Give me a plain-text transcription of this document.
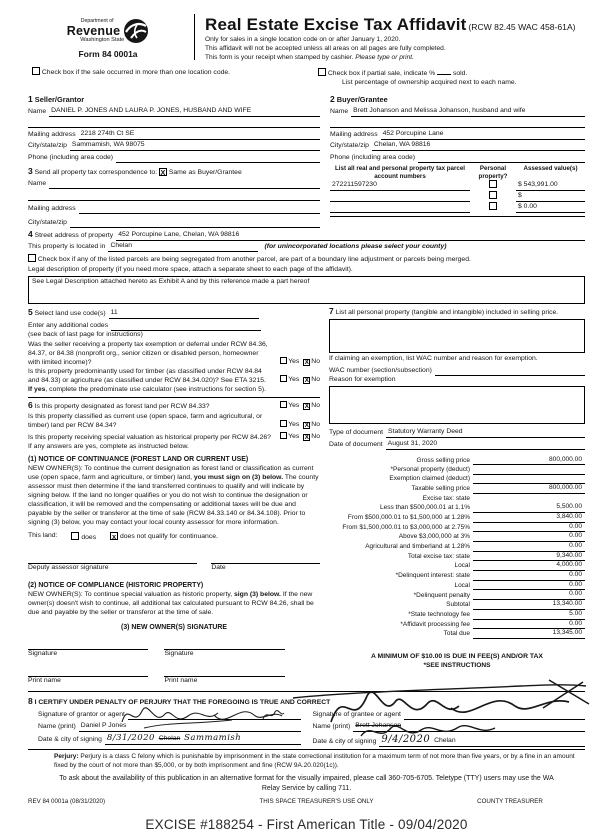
Department of
Revenue
Washington State
Form 84 0001a
Real Estate Excise Tax Affidavit (RCW 82.45 WAC 458-61A)
Only for sales in a single location code on or after January 1, 2020.
This affidavit will not be accepted unless all areas on all pages are fully completed.
This form is your receipt when stamped by cashier. Please type or print.
Check box if the sale occurred in more than one location code.	Check box if partial sale, indicate %	sold.
List percentage of ownership acquired next to each name.
1 Seller/Grantor
Name DANIEL P. JONES AND LAURA P. JONES, HUSBAND AND WIFE
Mailing address 2218 274th Ct SE
City/state/zip Sammamish, WA 98075
Phone (including area code)
2 Buyer/Grantee
Name Brett Johanson and Melissa Johanson, husband and wife
Mailing address 452 Porcupine Lane
City/state/zip Chelan, WA 98816
Phone (including area code)
3 Send all property tax correspondence to: X Same as Buyer/Grantee
Name
Mailing address
City/state/zip
List all real and personal property tax parcel account numbers
Personal property?
Assessed value(s)
272211597230	$ 543,991.00
$
$ 0.00
4 Street address of property 452 Porcupine Lane, Chelan, WA 98816
This property is located in Chelan	(for unincorporated locations please select your county)
Check box if any of the listed parcels are being segregated from another parcel, are part of a boundary line adjustment or parcels being merged.
Legal description of property (if you need more space, attach a separate sheet to each page of the affidavit).
See Legal Description attached hereto as Exhibit A and by this reference made a part hereof
5 Select land use code(s) 11
Enter any additional codes
(see back of last page for instructions)
Was the seller receiving a property tax exemption or deferral under RCW 84.36, 84.37, or 84.38 (nonprofit org., senior citizen or disabled person, homeowner with limited income)?	Yes X No
Is this property predominantly used for timber (as classified under RCW 84.84 and 84.33) or agriculture (as classified under RCW 84.34.020)? See ETA 3215.	Yes X No
If yes, complete the predominate use calculator (see instructions for section 5).
6 Is this property designated as forest land per RCW 84.33?	Yes X No
Is this property classified as current use (open space, farm and agricultural, or timber) land per RCW 84.34?	Yes X No
Is this property receiving special valuation as historical property per RCW 84.26?	Yes X No
If any answers are yes, complete as instructed below.
(1) NOTICE OF CONTINUANCE (FOREST LAND OR CURRENT USE)
NEW OWNER(S): To continue the current designation as forest land or classification as current use (open space, farm and agriculture, or timber) land, you must sign on (3) below. The county assessor must then determine if the land transferred continues to qualify and will indicate by signing below. If the land no longer qualifies or you do not wish to continue the designation or classification, it will be removed and the compensating or additional taxes will be due and payable by the seller or transferor at the time of sale (RCW 84.33.140 or 84.34.108). Prior to signing (3) below, you may contact your local county assessor for more information.
This land:	does x does not qualify for continuance.
Deputy assessor signature	Date
(2) NOTICE OF COMPLIANCE (HISTORIC PROPERTY)
NEW OWNER(S): To continue special valuation as historic property, sign (3) below. If the new owner(s) doesn't wish to continue, all additional tax calculated pursuant to RCW 84.26, shall be due and payable by the seller or transferor at the time of sale.
(3) NEW OWNER(S) SIGNATURE
Signature	Signature
Print name	Print name
7 List all personal property (tangible and intangible) included in selling price.
If claiming an exemption, list WAC number and reason for exemption.
WAC number (section/subsection)
Reason for exemption
Type of document Statutory Warranty Deed
Date of document August 31, 2020
Gross selling price	800,000.00
*Personal property (deduct)
Exemption claimed (deduct)
Taxable selling price	800,000.00
Excise tax: state
Less than $500,000.01 at 1.1%	5,500.00
From $500,000.01 to $1,500,000 at 1.28%	3,840.00
From $1,500,000.01 to $3,000,000 at 2.75%	0.00
Above $3,000,000 at 3%	0.00
Agricultural and timberland at 1.28%	0.00
Total excise tax: state	9,340.00
Local	4,000.00
*Delinquent interest: state	0.00
Local	0.00
*Delinquent penalty	0.00
Subtotal	13,340.00
*State technology fee	5.00
*Affidavit processing fee	0.00
Total due	13,345.00
A MINIMUM OF $10.00 IS DUE IN FEE(S) AND/OR TAX
*SEE INSTRUCTIONS
8 I CERTIFY UNDER PENALTY OF PERJURY THAT THE FOREGOING IS TRUE AND CORRECT
Signature of grantor or agent
Name (print) Daniel P Jones
Date & city of signing 8/31/2020 Chelan Sammamish
Signature of grantee or agent
Name (print) Brett Johanson
Date & city of signing 9/4/2020 Chelan
Perjury: Perjury is a class C felony which is punishable by imprisonment in the state correctional institution for a maximum term of not more than five years, or by a fine in an amount fixed by the court of not more than $5,000, or by both imprisonment and fine (RCW 9A.20.020(1c)).
To ask about the availability of this publication in an alternative format for the visually impaired, please call 360-705-6705. Teletype (TTY) users may use the WA Relay Service by calling 711.
REV 84 0001a (08/31/2020)	THIS SPACE TREASURER'S USE ONLY	COUNTY TREASURER
EXCISE #188254 - First American Title - 09/04/2020
